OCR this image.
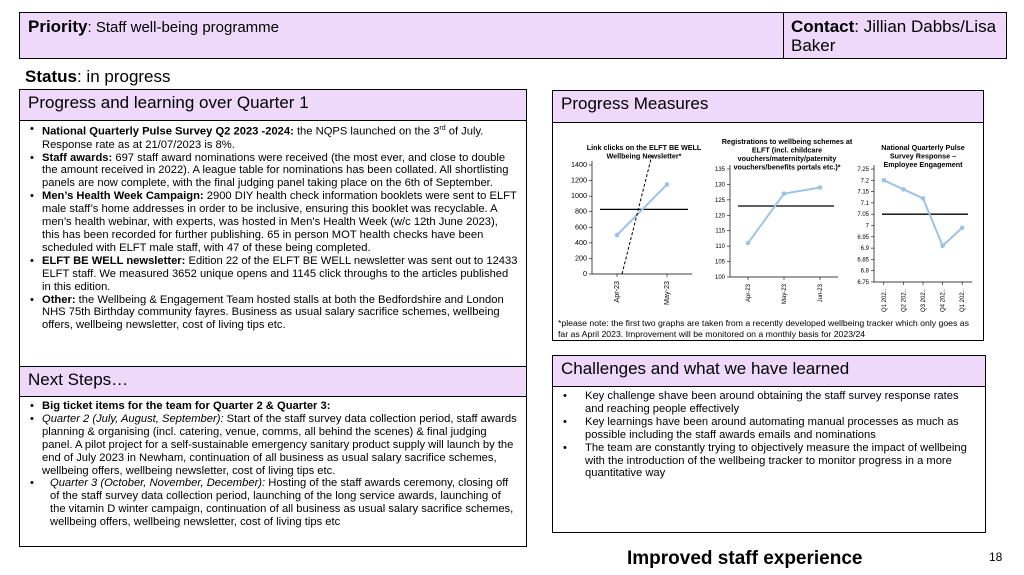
Priority: Staff well-being programme	Contact: Jillian Dabbs/Lisa Baker
Status: in progress
Progress and learning over Quarter 1
• National Quarterly Pulse Survey Q2 2023 -2024: the NQPS launched on the 3rd of July. Response rate as at 21/07/2023 is 8%.
• Staff awards: 697 staff award nominations were received (the most ever, and close to double the amount received in 2022). A league table for nominations has been collated. All shortlisting panels are now complete, with the final judging panel taking place on the 6th of September.
• Men’s Health Week Campaign: 2900 DIY health check information booklets were sent to ELFT male staff’s home addresses in order to be inclusive, ensuring this booklet was recyclable. A men’s health webinar, with experts, was hosted in Men’s Health Week (w/c 12th June 2023), this has been recorded for further publishing. 65 in person MOT health checks have been scheduled with ELFT male staff, with 47 of these being completed.
• ELFT BE WELL newsletter: Edition 22 of the ELFT BE WELL newsletter was sent out to 12433 ELFT staff. We measured 3652 unique opens and 1145 click throughs to the articles published in this edition.
• Other: the Wellbeing & Engagement Team hosted stalls at both the Bedfordshire and London NHS 75th Birthday community fayres. Business as usual salary sacrifice schemes, wellbeing offers, wellbeing newsletter, cost of living tips etc.
Next Steps…
• Big ticket items for the team for Quarter 2 & Quarter 3:
• Quarter 2 (July, August, September): Start of the staff survey data collection period, staff awards planning & organising (incl. catering, venue, comms, all behind the scenes) & final judging panel. A pilot project for a self-sustainable emergency sanitary product supply will launch by the end of July 2023 in Newham, continuation of all business as usual salary sacrifice schemes, wellbeing offers, wellbeing newsletter, cost of living tips etc.
• Quarter 3 (October, November, December): Hosting of the staff awards ceremony, closing off of the staff survey data collection period, launching of the long service awards, launching of the vitamin D winter campaign, continuation of all business as usual salary sacrifice schemes, wellbeing offers, wellbeing newsletter, cost of living tips etc
Progress Measures
Link clicks on the ELFT BE WELL
Wellbeing Newsletter*
0
200
400
600
800
1000
1200
1400
Apr-23	May-23
Registrations to wellbeing schemes at
ELFT (incl. childcare
vouchers/maternity/paternity
vouchers/benefits portals etc.)*
100
105
110
115
120
125
130
135
Apr-23	May-23	Jun-23
National Quarterly Pulse
Survey Response –
Employee Engagement
6.75
6.8
6.85
6.9
6.95
7
7.05
7.1
7.15
7.2
7.25
Q1 202.. Q2 202.. Q3 202.. Q4 202.. Q1 202..
*please note: the first two graphs are taken from a recently developed wellbeing tracker which only goes as far as April 2023. Improvement will be monitored on a monthly basis for 2023/24
Challenges and what we have learned
• Key challenge shave been around obtaining the staff survey response rates and reaching people effectively
• Key learnings have been around automating manual processes as much as possible including the staff awards emails and nominations
• The team are constantly trying to objectively measure the impact of wellbeing with the introduction of the wellbeing tracker to monitor progress in a more quantitative way
Improved staff experience	18
